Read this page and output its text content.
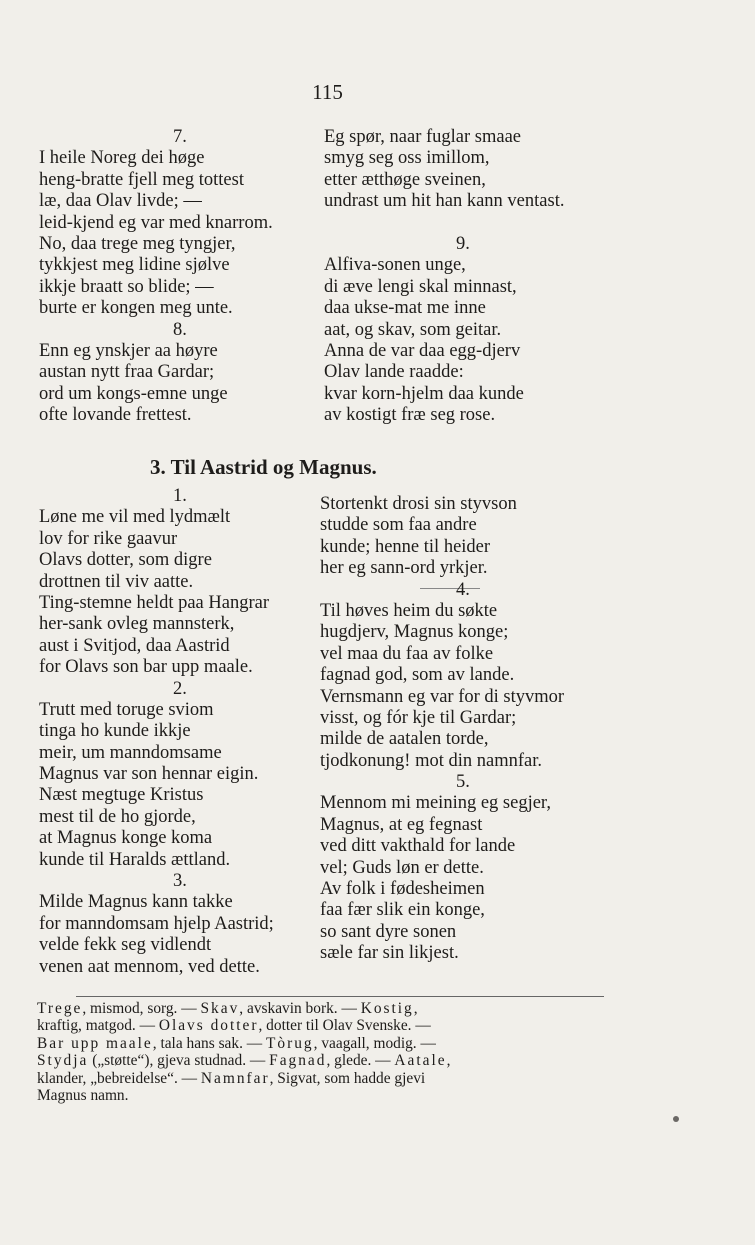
115
7.
I heile Noreg dei høge
heng-bratte fjell meg tottest
læ, daa Olav livde; —
leid-kjend eg var med knarrom.
No, daa trege meg tyngjer,
tykkjest meg lidine sjølve
ikkje braatt so blide; —
burte er kongen meg unte.
8.
Enn eg ynskjer aa høyre
austan nytt fraa Gardar;
ord um kongs-emne unge
ofte lovande frettest.
Eg spør, naar fuglar smaae
smyg seg oss imillom,
etter ætthøge sveinen,
undrast um hit han kann ventast.
9.
Alfiva-sonen unge,
di æve lengi skal minnast,
daa ukse-mat me inne
aat, og skav, som geitar.
Anna de var daa egg-djerv
Olav lande raadde:
kvar korn-hjelm daa kunde
av kostigt fræ seg rose.
3. Til Aastrid og Magnus.
1.
Løne me vil med lydmælt
lov for rike gaavur
Olavs dotter, som digre
drottnen til viv aatte.
Ting-stemne heldt paa Hangrar
her-sank ovleg mannsterk,
aust i Svitjod, daa Aastrid
for Olavs son bar upp maale.
2.
Trutt med toruge sviom
tinga ho kunde ikkje
meir, um manndomsame
Magnus var son hennar eigin.
Næst megtuge Kristus
mest til de ho gjorde,
at Magnus konge koma
kunde til Haralds ættland.
3.
Milde Magnus kann takke
for manndomsam hjelp Aastrid;
velde fekk seg vidlendt
venen aat mennom, ved dette.
Stortenkt drosi sin styvson
studde som faa andre
kunde; henne til heider
her eg sann-ord yrkjer.
4.
Til høves heim du søkte
hugdjerv, Magnus konge;
vel maa du faa av folke
fagnad god, som av lande.
Vernsmann eg var for di styvmor
visst, og fór kje til Gardar;
milde de aatalen torde,
tjodkonung! mot din namnfar.
5.
Mennom mi meining eg segjer,
Magnus, at eg fegnast
ved ditt vakthald for lande
vel; Guds løn er dette.
Av folk i fødesheimen
faa fær slik ein konge,
so sant dyre sonen
sæle far sin likjest.
Trege, mismod, sorg. — Skav, avskavin bork. — Kostig,
kraftig, matgod. — Olavs dotter, dotter til Olav Svenske. —
Bar upp maale, tala hans sak. — Tòrug, vaagall, modig. —
Stydja („støtte“), gjeva studnad. — Fagnad, glede. — Aatale,
klander, „bebreidelse“. — Namnfar, Sigvat, som hadde gjevi
Magnus namn.
